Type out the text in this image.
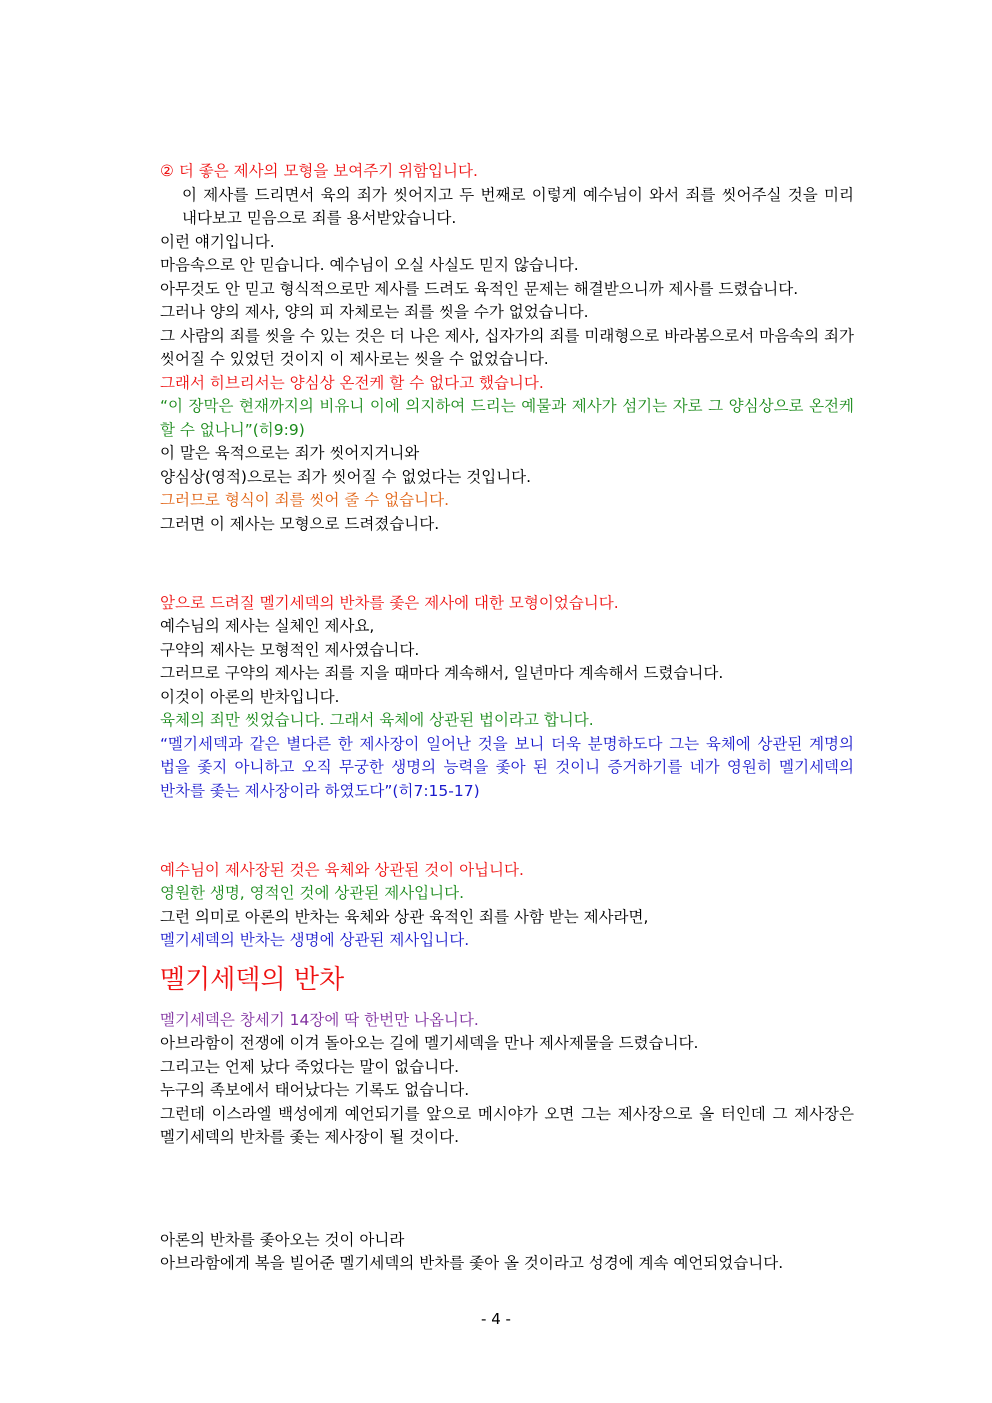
② 더 좋은 제사의 모형을 보여주기 위함입니다.

이 제사를 드리면서 육의 죄가 씻어지고 두 번째로 이렇게 예수님이 와서 죄를 씻어주실 것을 미리 내다보고 믿음으로 죄를 용서받았습니다.

이런 얘기입니다.

마음속으로 안 믿습니다. 예수님이 오실 사실도 믿지 않습니다.

아무것도 안 믿고 형식적으로만 제사를 드려도 육적인 문제는 해결받으니까 제사를 드렸습니다.

그러나 양의 제사, 양의 피 자체로는 죄를 씻을 수가 없었습니다.

그 사람의 죄를 씻을 수 있는 것은 더 나은 제사, 십자가의 죄를 미래형으로 바라봄으로서 마음속의 죄가 씻어질 수 있었던 것이지 이 제사로는 씻을 수 없었습니다.

그래서 히브리서는 양심상 온전케 할 수 없다고 했습니다.

“이 장막은 현재까지의 비유니 이에 의지하여 드리는 예물과 제사가 섬기는 자로 그 양심상으로 온전케 할 수 없나니”(히9:9)

이 말은 육적으로는 죄가 씻어지거니와

양심상(영적)으로는 죄가 씻어질 수 없었다는 것입니다.

그러므로 형식이 죄를 씻어 줄 수 없습니다.

그러면 이 제사는 모형으로 드려졌습니다.

앞으로 드려질 멜기세덱의 반차를 좇은 제사에 대한 모형이었습니다.

예수님의 제사는 실체인 제사요,

구약의 제사는 모형적인 제사였습니다.

그러므로 구약의 제사는 죄를 지을 때마다 계속해서, 일년마다 계속해서 드렸습니다.

이것이 아론의 반차입니다.

육체의 죄만 씻었습니다. 그래서 육체에 상관된 법이라고 합니다.

“멜기세덱과 같은 별다른 한 제사장이 일어난 것을 보니 더욱 분명하도다 그는 육체에 상관된 계명의 법을 좇지 아니하고 오직 무궁한 생명의 능력을 좇아 된 것이니 증거하기를 네가 영원히 멜기세덱의 반차를 좇는 제사장이라 하였도다”(히7:15-17)

예수님이 제사장된 것은 육체와 상관된 것이 아닙니다.

영원한 생명, 영적인 것에 상관된 제사입니다.

그런 의미로 아론의 반차는 육체와 상관 육적인 죄를 사함 받는 제사라면,

멜기세덱의 반차는 생명에 상관된 제사입니다.

멜기세덱의 반차

멜기세덱은 창세기 14장에 딱 한번만 나옵니다.

아브라함이 전쟁에 이겨 돌아오는 길에 멜기세덱을 만나 제사제물을 드렸습니다.

그리고는 언제 났다 죽었다는 말이 없습니다.

누구의 족보에서 태어났다는 기록도 없습니다.

그런데 이스라엘 백성에게 예언되기를 앞으로 메시야가 오면 그는 제사장으로 올 터인데 그 제사장은 멜기세덱의 반차를 좇는 제사장이 될 것이다.

아론의 반차를 좇아오는 것이 아니라

아브라함에게 복을 빌어준 멜기세덱의 반차를 좇아 올 것이라고 성경에 계속 예언되었습니다.

- 4 -
